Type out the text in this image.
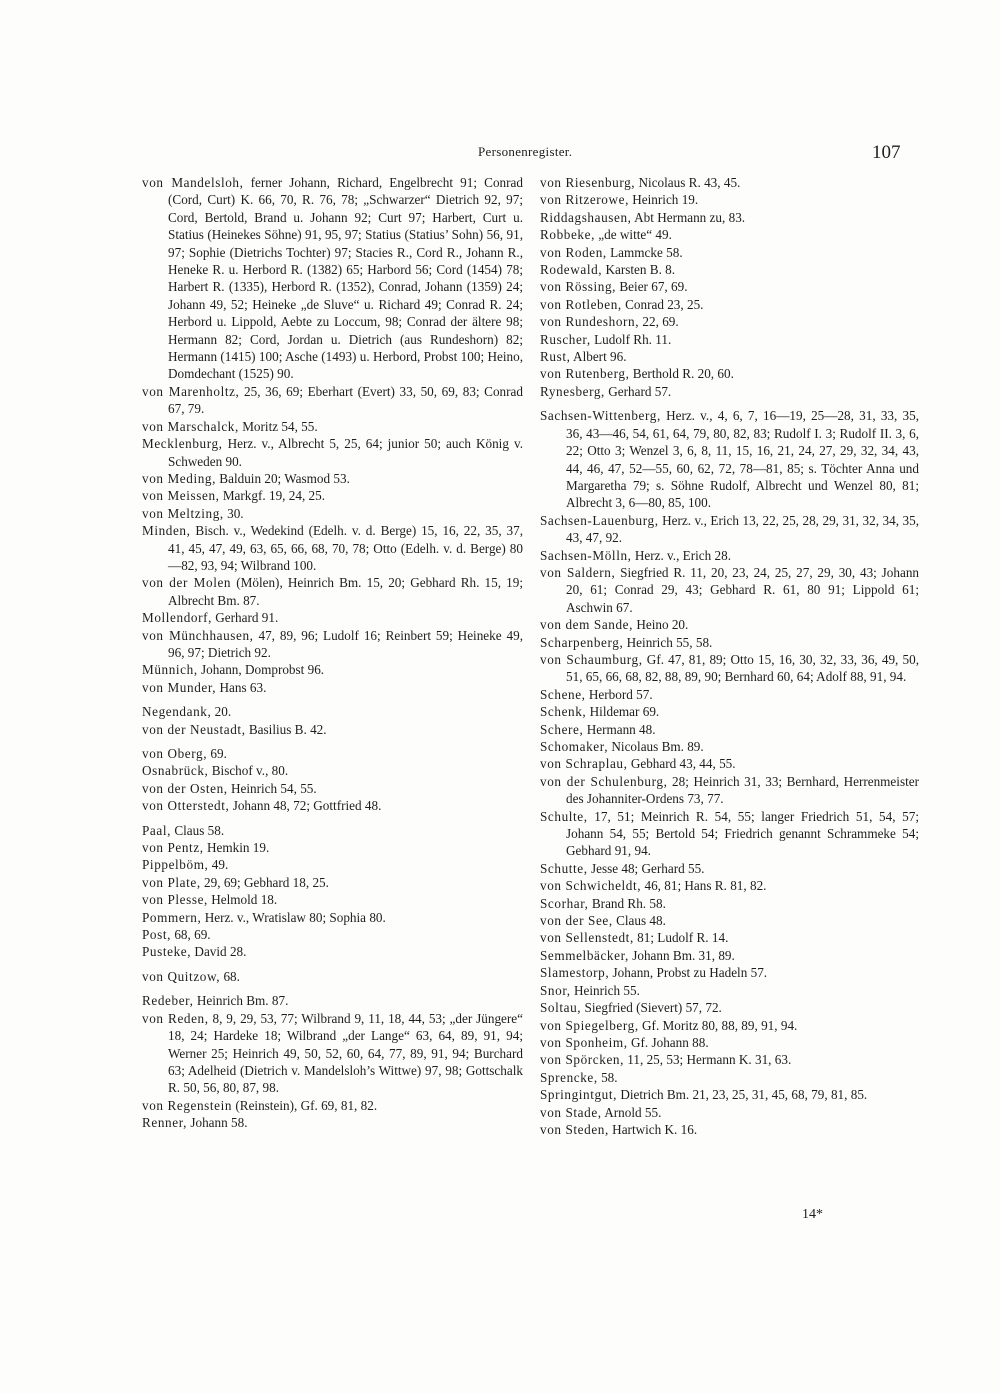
Personenregister.	107
von Mandelsloh, ferner Johann, Richard, Engelbrecht 91; Conrad (Cord, Curt) K. 66, 70, R. 76, 78; „Schwarzer“ Dietrich 92, 97; Cord, Bertold, Brand u. Johann 92; Curt 97; Harbert, Curt u. Statius (Heinekes Söhne) 91, 95, 97; Statius (Statius’ Sohn) 56, 91, 97; Sophie (Dietrichs Tochter) 97; Stacies R., Cord R., Johann R., Heneke R. u. Herbord R. (1382) 65; Harbord 56; Cord (1454) 78; Harbert R. (1335), Herbord R. (1352), Conrad, Johann (1359) 24; Johann 49, 52; Heineke „de Sluve“ u. Richard 49; Conrad R. 24; Herbord u. Lippold, Aebte zu Loccum, 98; Conrad der ältere 98; Hermann 82; Cord, Jordan u. Dietrich (aus Rundeshorn) 82; Hermann (1415) 100; Asche (1493) u. Herbord, Probst 100; Heino, Domdechant (1525) 90.
von Marenholtz, 25, 36, 69; Eberhart (Evert) 33, 50, 69, 83; Conrad 67, 79.
von Marschalck, Moritz 54, 55.
Mecklenburg, Herz. v., Albrecht 5, 25, 64; junior 50; auch König v. Schweden 90.
von Meding, Balduin 20; Wasmod 53.
von Meissen, Markgf. 19, 24, 25.
von Meltzing, 30.
Minden, Bisch. v., Wedekind (Edelh. v. d. Berge) 15, 16, 22, 35, 37, 41, 45, 47, 49, 63, 65, 66, 68, 70, 78; Otto (Edelh. v. d. Berge) 80—82, 93, 94; Wilbrand 100.
von der Molen (Mölen), Heinrich Bm. 15, 20; Gebhard Rh. 15, 19; Albrecht Bm. 87.
Mollendorf, Gerhard 91.
von Münchhausen, 47, 89, 96; Ludolf 16; Reinbert 59; Heineke 49, 96, 97; Dietrich 92.
Münnich, Johann, Domprobst 96.
von Munder, Hans 63.
Negendank, 20.
von der Neustadt, Basilius B. 42.
von Oberg, 69.
Osnabrück, Bischof v., 80.
von der Osten, Heinrich 54, 55.
von Otterstedt, Johann 48, 72; Gottfried 48.
Paal, Claus 58.
von Pentz, Hemkin 19.
Pippelböm, 49.
von Plate, 29, 69; Gebhard 18, 25.
von Plesse, Helmold 18.
Pommern, Herz. v., Wratislaw 80; Sophia 80.
Post, 68, 69.
Pusteke, David 28.
von Quitzow, 68.
Redeber, Heinrich Bm. 87.
von Reden, 8, 9, 29, 53, 77; Wilbrand 9, 11, 18, 44, 53; „der Jüngere“ 18, 24; Hardeke 18; Wilbrand „der Lange“ 63, 64, 89, 91, 94; Werner 25; Heinrich 49, 50, 52, 60, 64, 77, 89, 91, 94; Burchard 63; Adelheid (Dietrich v. Mandelsloh’s Wittwe) 97, 98; Gottschalk R. 50, 56, 80, 87, 98.
von Regenstein (Reinstein), Gf. 69, 81, 82.
Renner, Johann 58.
von Riesenburg, Nicolaus R. 43, 45.
von Ritzerowe, Heinrich 19.
Riddagshausen, Abt Hermann zu, 83.
Robbeke, „de witte“ 49.
von Roden, Lammcke 58.
Rodewald, Karsten B. 8.
von Rössing, Beier 67, 69.
von Rotleben, Conrad 23, 25.
von Rundeshorn, 22, 69.
Ruscher, Ludolf Rh. 11.
Rust, Albert 96.
von Rutenberg, Berthold R. 20, 60.
Rynesberg, Gerhard 57.
Sachsen-Wittenberg, Herz. v., 4, 6, 7, 16—19, 25—28, 31, 33, 35, 36, 43—46, 54, 61, 64, 79, 80, 82, 83; Rudolf I. 3; Rudolf II. 3, 6, 22; Otto 3; Wenzel 3, 6, 8, 11, 15, 16, 21, 24, 27, 29, 32, 34, 43, 44, 46, 47, 52—55, 60, 62, 72, 78—81, 85; s. Töchter Anna und Margaretha 79; s. Söhne Rudolf, Albrecht und Wenzel 80, 81; Albrecht 3, 6—80, 85, 100.
Sachsen-Lauenburg, Herz. v., Erich 13, 22, 25, 28, 29, 31, 32, 34, 35, 43, 47, 92.
Sachsen-Mölln, Herz. v., Erich 28.
von Saldern, Siegfried R. 11, 20, 23, 24, 25, 27, 29, 30, 43; Johann 20, 61; Conrad 29, 43; Gebhard R. 61, 80 91; Lippold 61; Aschwin 67.
von dem Sande, Heino 20.
Scharpenberg, Heinrich 55, 58.
von Schaumburg, Gf. 47, 81, 89; Otto 15, 16, 30, 32, 33, 36, 49, 50, 51, 65, 66, 68, 82, 88, 89, 90; Bernhard 60, 64; Adolf 88, 91, 94.
Schene, Herbord 57.
Schenk, Hildemar 69.
Schere, Hermann 48.
Schomaker, Nicolaus Bm. 89.
von Schraplau, Gebhard 43, 44, 55.
von der Schulenburg, 28; Heinrich 31, 33; Bernhard, Herrenmeister des Johanniter-Ordens 73, 77.
Schulte, 17, 51; Meinrich R. 54, 55; langer Friedrich 51, 54, 57; Johann 54, 55; Bertold 54; Friedrich genannt Schrammeke 54; Gebhard 91, 94.
Schutte, Jesse 48; Gerhard 55.
von Schwicheldt, 46, 81; Hans R. 81, 82.
Scorhar, Brand Rh. 58.
von der See, Claus 48.
von Sellenstedt, 81; Ludolf R. 14.
Semmelbäcker, Johann Bm. 31, 89.
Slamestorp, Johann, Probst zu Hadeln 57.
Snor, Heinrich 55.
Soltau, Siegfried (Sievert) 57, 72.
von Spiegelberg, Gf. Moritz 80, 88, 89, 91, 94.
von Sponheim, Gf. Johann 88.
von Spörcken, 11, 25, 53; Hermann K. 31, 63.
Sprencke, 58.
Springintgut, Dietrich Bm. 21, 23, 25, 31, 45, 68, 79, 81, 85.
von Stade, Arnold 55.
von Steden, Hartwich K. 16.
14*
